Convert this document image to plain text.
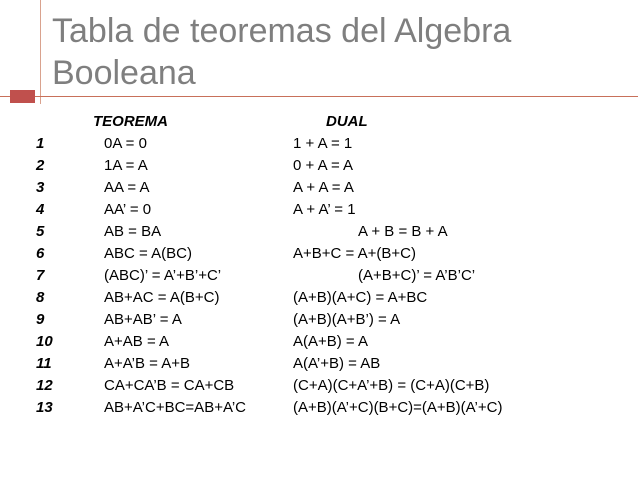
Tabla de teoremas del Algebra
Booleana
TEOREMA	DUAL
1	0A = 0	1 + A = 1
2	1A = A	0 + A = A
3	AA = A	A + A = A
4	AA’ = 0	A + A’ = 1
5	AB = BA	A + B = B + A
6	ABC = A(BC)	A+B+C = A+(B+C)
7	(ABC)’ = A’+B’+C’	(A+B+C)’ = A’B’C’
8	AB+AC = A(B+C)	(A+B)(A+C) = A+BC
9	AB+AB’ = A	(A+B)(A+B’) = A
10	A+AB = A	A(A+B) = A
11	A+A’B = A+B	A(A’+B) = AB
12	CA+CA’B = CA+CB	(C+A)(C+A’+B) = (C+A)(C+B)
13	AB+A’C+BC=AB+A’C	(A+B)(A’+C)(B+C)=(A+B)(A’+C)
